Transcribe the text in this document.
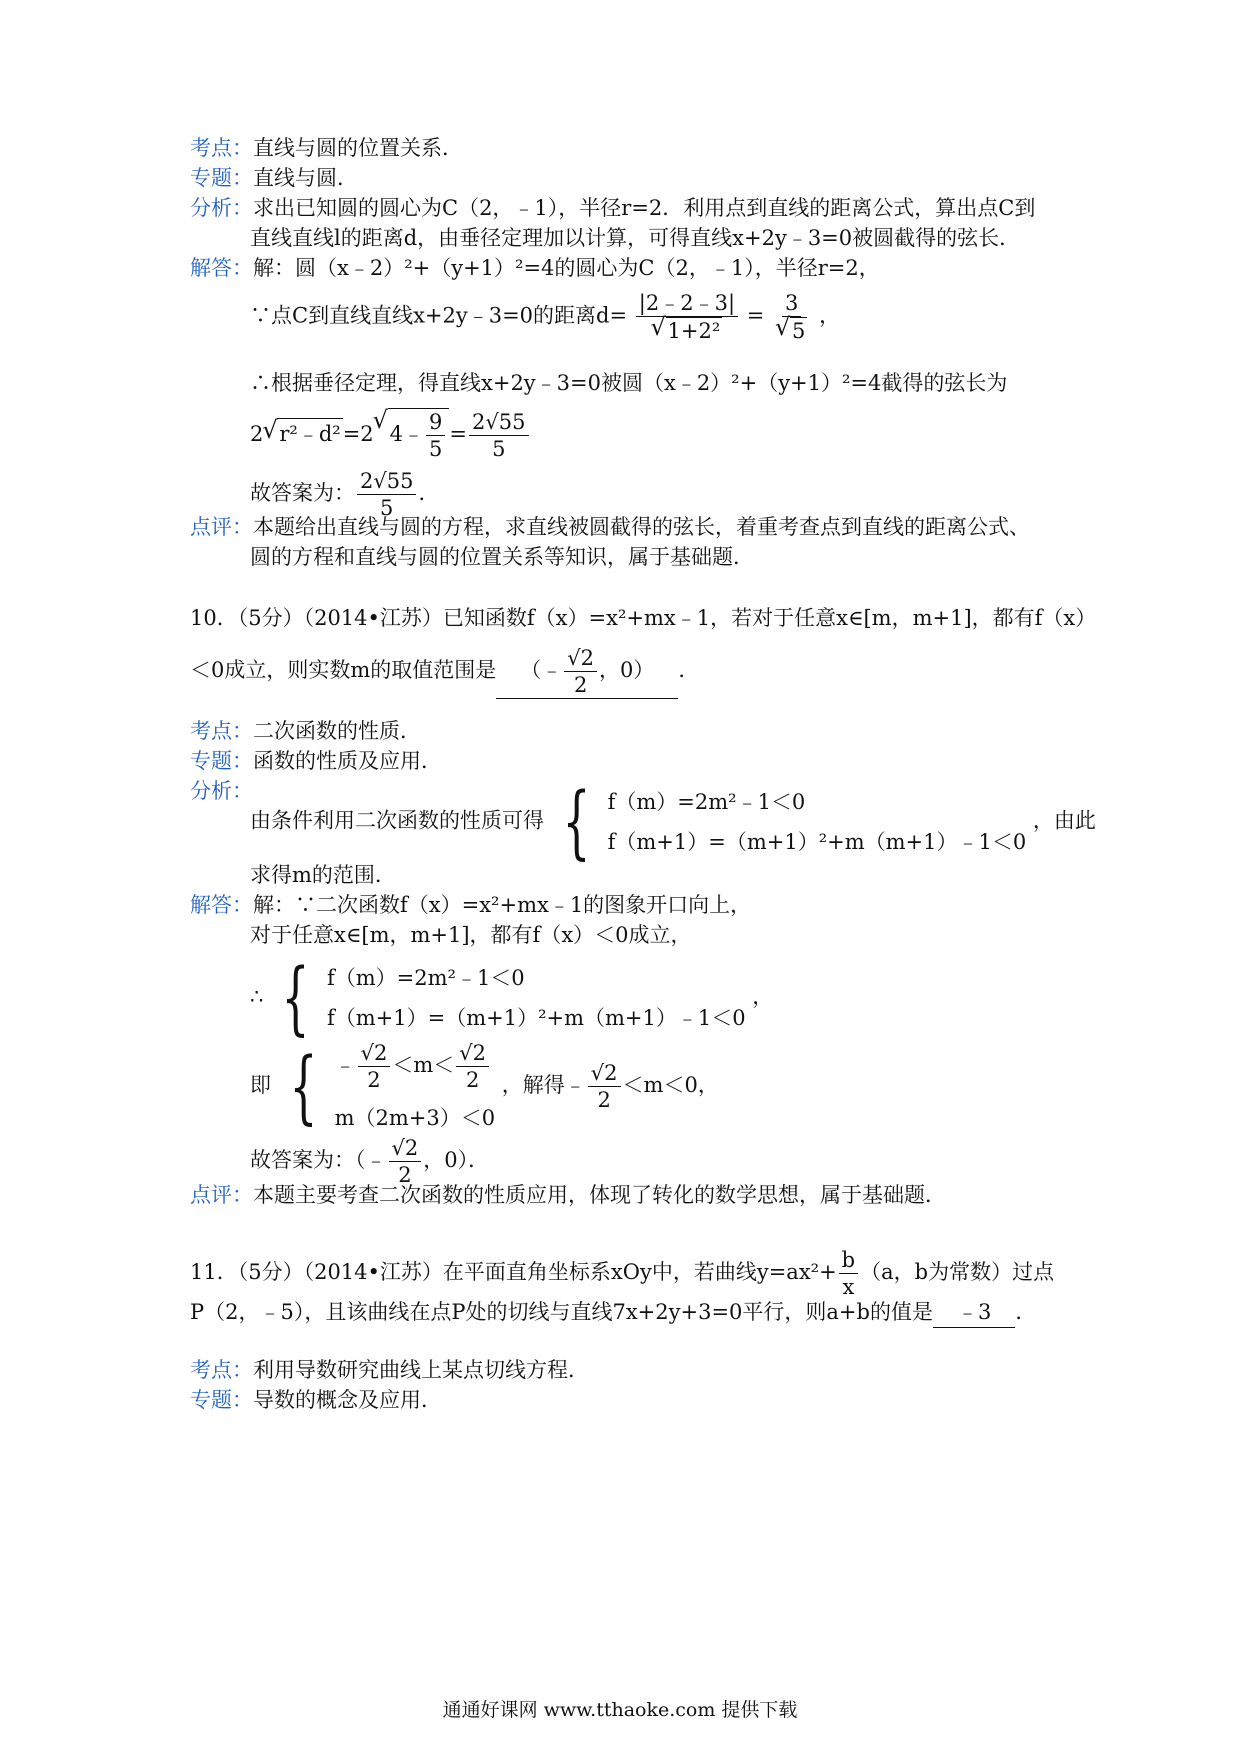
考点：直线与圆的位置关系．
专题：直线与圆．
分析：求出已知圆的圆心为C（2，﹣1），半径r=2．利用点到直线的距离公式，算出点C到
直线直线l的距离d，由垂径定理加以计算，可得直线x+2y﹣3=0被圆截得的弦长．
解答：解：圆（x﹣2）²+（y+1）²=4的圆心为C（2，﹣1），半径r=2，
∵点C到直线直线x+2y﹣3=0的距离d= |2﹣2﹣3|
√ 1+2² = 3
√ 5 ，
∴根据垂径定理，得直线x+2y﹣3=0被圆（x﹣2）²+（y+1）²=4截得的弦长为
2 √ r²﹣d²=2 √ 4﹣ $\frac{9}{5} = \frac{2√55}{5}$
故答案为： $\frac{2√55}{5}$ ．
点评：本题给出直线与圆的方程，求直线被圆截得的弦长，着重考查点到直线的距离公式、
圆的方程和直线与圆的位置关系等知识，属于基础题．
10．（5分）（2014•江苏）已知函数f（x）=x²+mx﹣1，若对于任意x∈[m，m+1]，都有f（x）
＜0成立，则实数m的取值范围是 （﹣ $\frac{√2}{2}$ ，0） ．
考点：二次函数的性质．
专题：函数的性质及应用．
分析：
由条件利用二次函数的性质可得 { f（m）=2m²﹣1＜0
f（m+1）=（m+1）²+m（m+1）﹣1＜0
，由此
求得m的范围．
解答：解：∵二次函数f（x）=x²+mx﹣1的图象开口向上，
对于任意x∈[m，m+1]，都有f（x）＜0成立，
∴ { f（m）=2m²﹣1＜0
f（m+1）=（m+1）²+m（m+1）﹣1＜0
，
即 { ﹣ $\frac{√2}{2} <m< \frac{√2}{2}$
m（2m+3）＜0
，解得﹣ $\frac{√2}{2} <m<0$，
故答案为：（﹣ $\frac{√2}{2}$ ，0）．
点评：本题主要考查二次函数的性质应用，体现了转化的数学思想，属于基础题．
11．（5分）（2014•江苏）在平面直角坐标系xOy中，若曲线$y=ax^2+ \frac{b}{x} (a$，b为常数）过点
P（2，﹣5），且该曲线在点P处的切线与直线7x+2y+3=0平行，则a+b的值是 ﹣3 ．
考点：利用导数研究曲线上某点切线方程．
专题：导数的概念及应用．
通通好课网 www.tthaoke.com 提供下载
